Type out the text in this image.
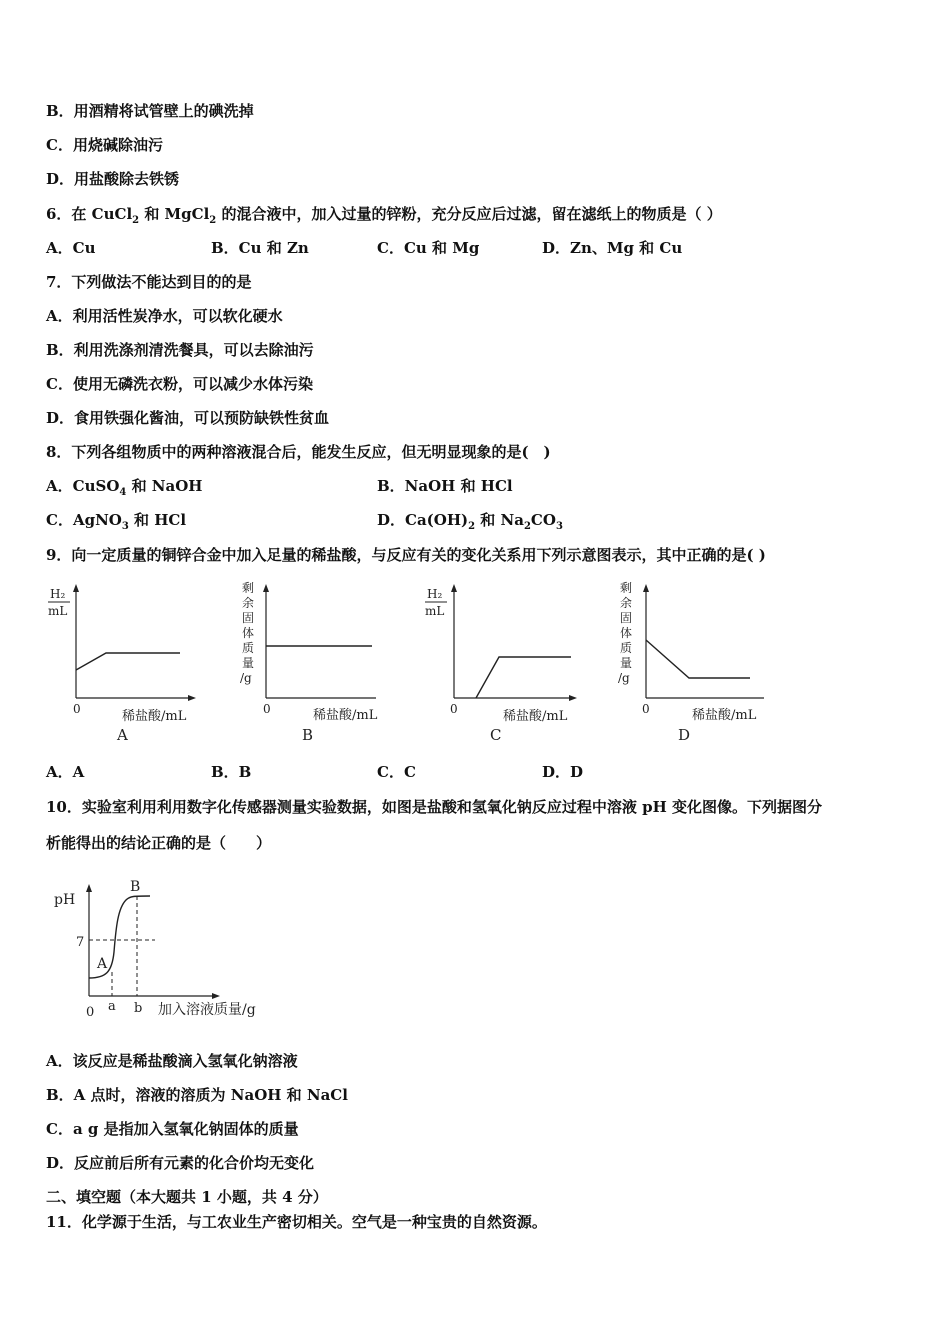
B．用酒精将试管壁上的碘洗掉
C．用烧碱除油污
D．用盐酸除去铁锈
6．在 CuCl$_2$ 和 MgCl$_2$ 的混合液中，加入过量的锌粉，充分反应后过滤，留在滤纸上的物质是（ ）
A．Cu	B．Cu 和 Zn	C．Cu 和 Mg	D．Zn、Mg 和 Cu
7．下列做法不能达到目的的是
A．利用活性炭净水，可以软化硬水
B．利用洗涤剂清洗餐具，可以去除油污
C．使用无磷洗衣粉，可以减少水体污染
D．食用铁强化酱油，可以预防缺铁性贫血
8．下列各组物质中的两种溶液混合后，能发生反应，但无明显现象的是(　)
A．CuSO$_4$ 和 NaOH	B．NaOH 和 HCl
C．AgNO$_3$ 和 HCl	D．$Ca(OH)_2$ 和 $Na_2CO_3$
9．向一定质量的铜锌合金中加入足量的稀盐酸，与反应有关的变化关系用下列示意图表示，其中正确的是( )
H₂
mL
0	稀盐酸/mL
A
剩
余
固
体
质
量
/g
0	稀盐酸/mL
B
H₂
mL
0	稀盐酸/mL
C
剩
余
固
体
质
量
/g
0	稀盐酸/mL
D
A．A	B．B	C．C	D．D
10．实验室利用利用数字化传感器测量实验数据，如图是盐酸和氢氧化钠反应过程中溶液 pH 变化图像。下列据图分
析能得出的结论正确的是（　　）
pH
7
A
B
0 a b 加入溶液质量/g
A．该反应是稀盐酸滴入氢氧化钠溶液
B．A 点时，溶液的溶质为 NaOH 和 NaCl
C．a g 是指加入氢氧化钠固体的质量
D．反应前后所有元素的化合价均无变化
二、填空题（本大题共 1 小题，共 4 分）
11．化学源于生活，与工农业生产密切相关。空气是一种宝贵的自然资源。
